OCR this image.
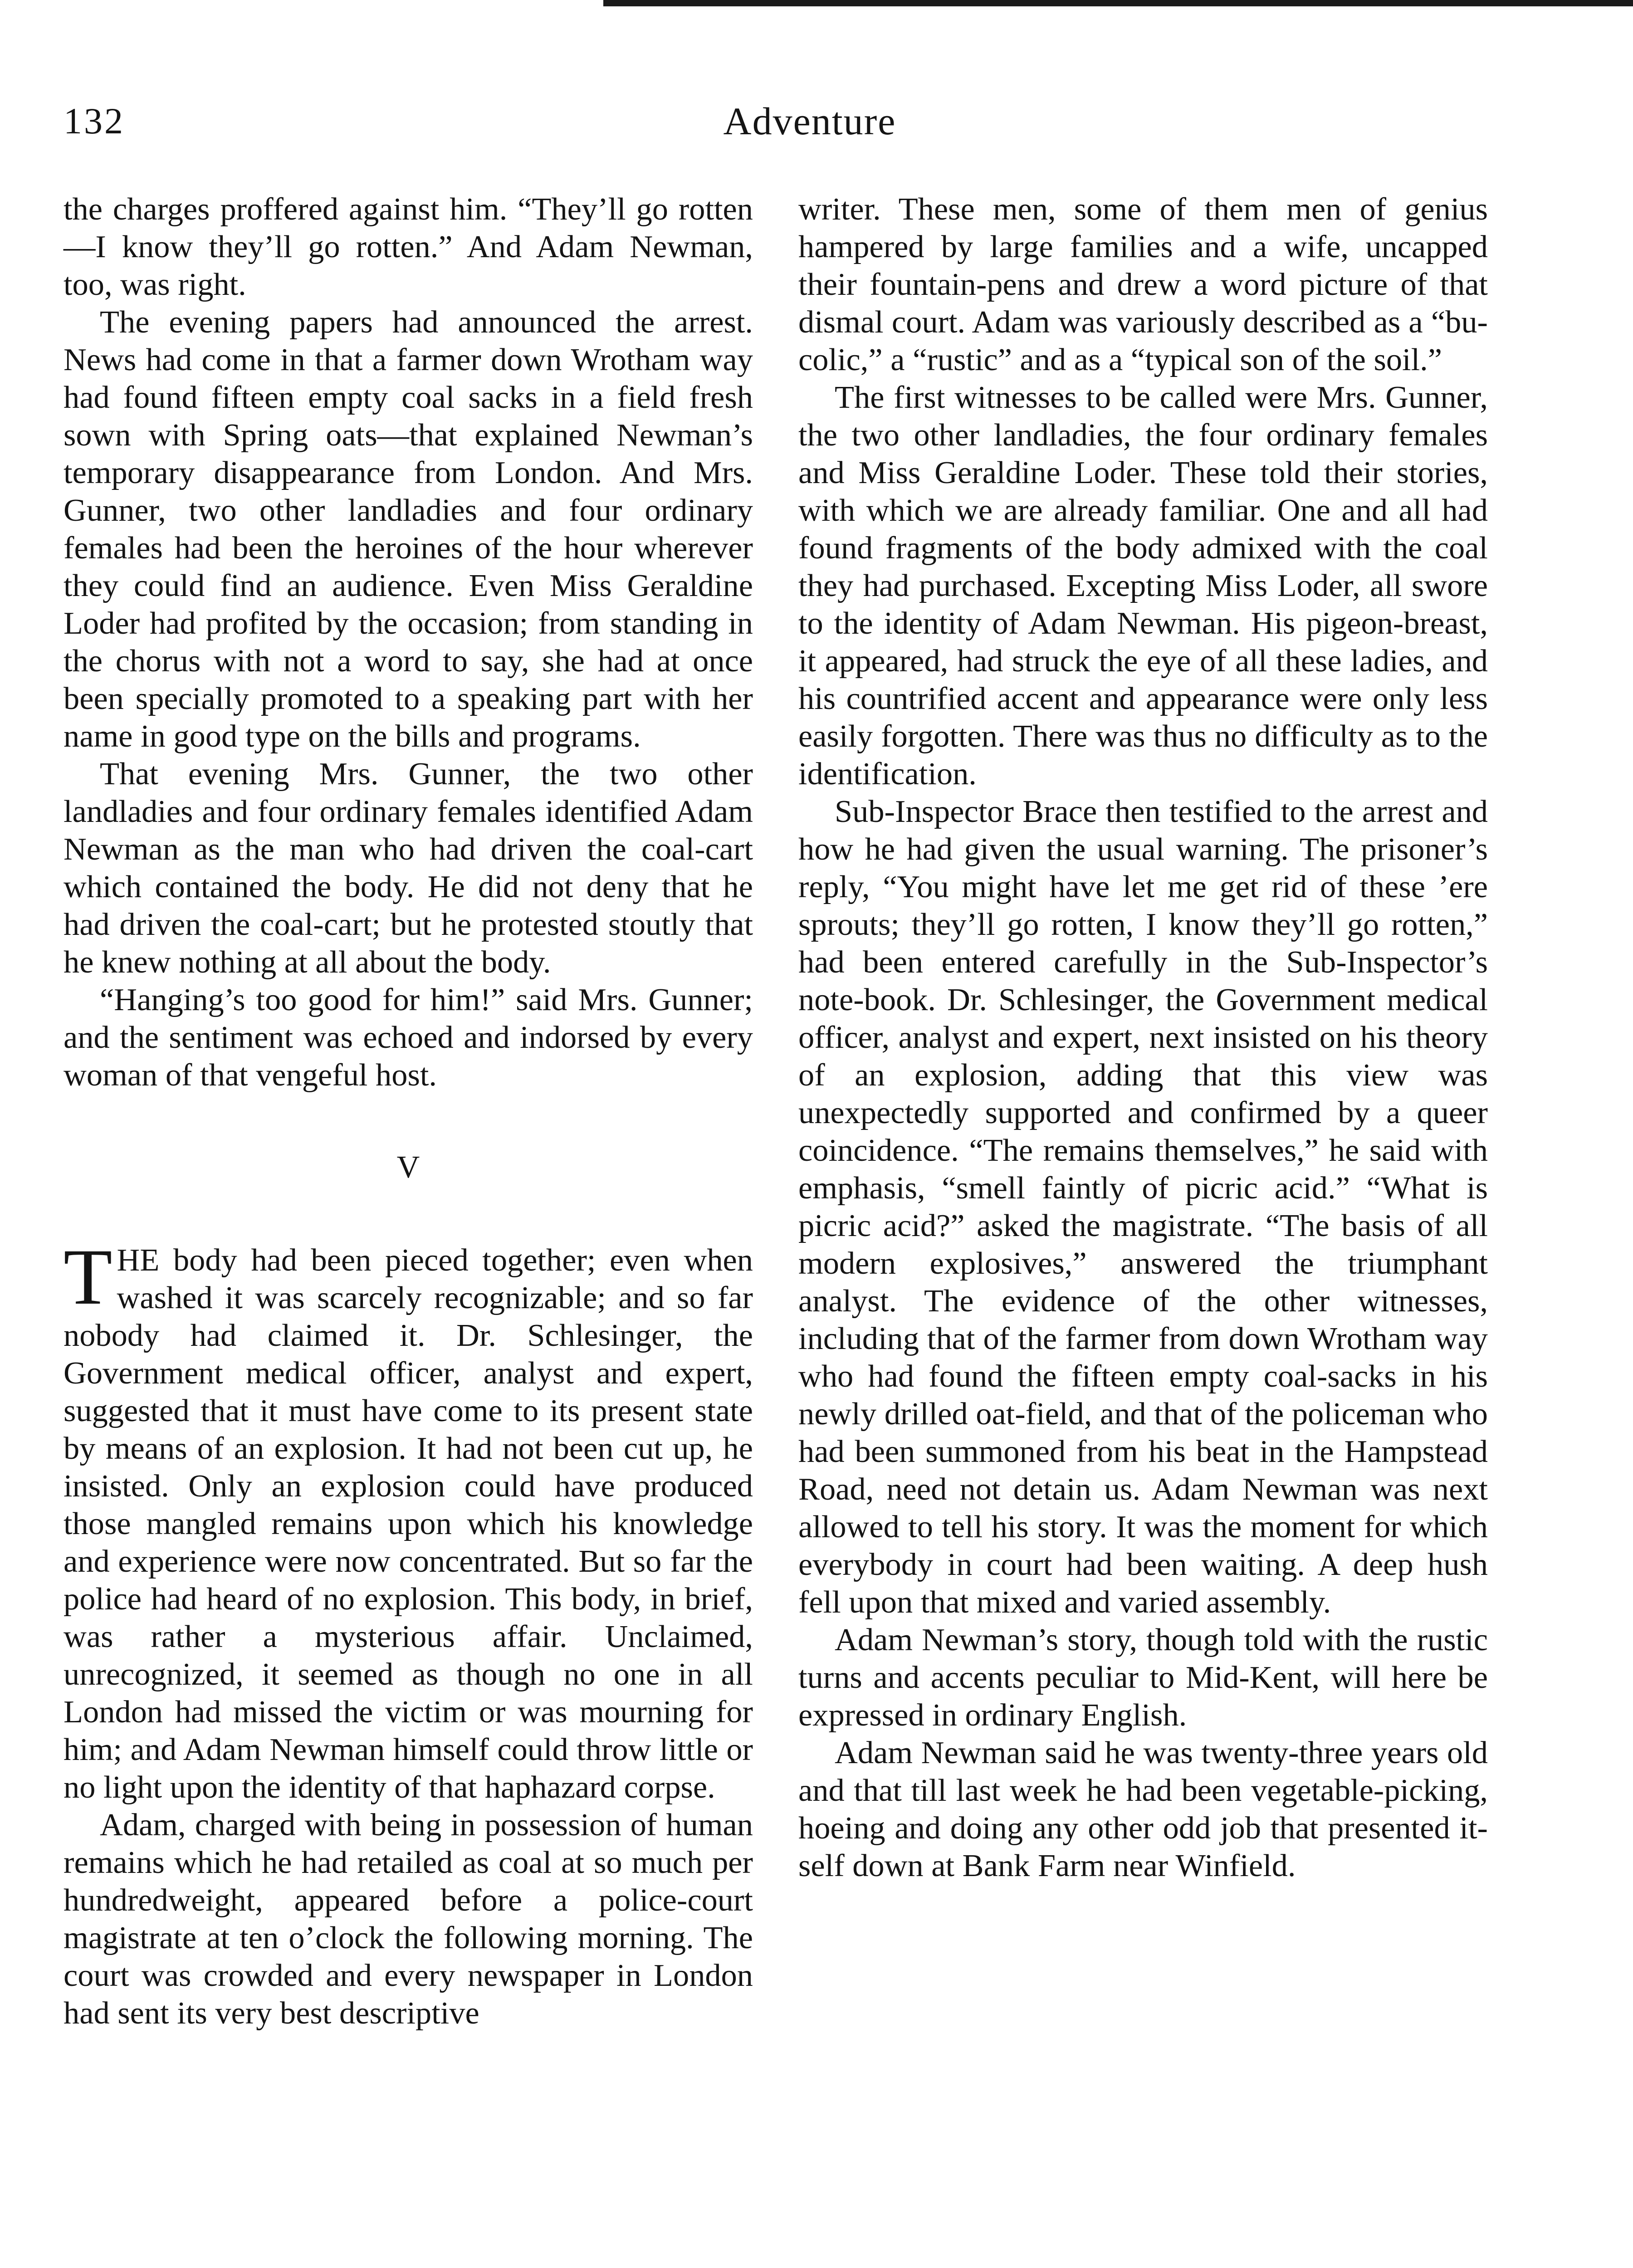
132	Adventure

the charges proffered against him. “They’ll go rotten—I know they’ll go rotten.” And Adam Newman, too, was right.

The evening papers had announced the arrest. News had come in that a farmer down Wrotham way had found fifteen empty coal sacks in a field fresh sown with Spring oats—that explained Newman’s temporary disappearance from London. And Mrs. Gunner, two other landladies and four ordinary females had been the heroines of the hour wherever they could find an audience. Even Miss Geraldine Loder had profited by the occasion; from standing in the chorus with not a word to say, she had at once been specially promoted to a speaking part with her name in good type on the bills and programs.

That evening Mrs. Gunner, the two other landladies and four ordinary females identified Adam Newman as the man who had driven the coal-cart which contained the body. He did not deny that he had driven the coal-cart; but he protested stoutly that he knew nothing at all about the body.

“Hanging’s too good for him!” said Mrs. Gunner; and the sentiment was echoed and indorsed by every woman of that vengeful host.

V

THE body had been pieced together; even when washed it was scarcely recognizable; and so far nobody had claimed it. Dr. Schlesinger, the Government medical officer, analyst and expert, suggested that it must have come to its present state by means of an explosion. It had not been cut up, he insisted. Only an explosion could have produced those mangled remains upon which his knowledge and experience were now concentrated. But so far the police had heard of no explosion. This body, in brief, was rather a mysterious affair. Unclaimed, unrecognized, it seemed as though no one in all London had missed the victim or was mourning for him; and Adam Newman himself could throw little or no light upon the identity of that haphazard corpse.

Adam, charged with being in possession of human remains which he had retailed as coal at so much per hundredweight, appeared before a police-court magistrate at ten o’clock the following morning. The court was crowded and every newspaper in London had sent its very best descriptive

writer. These men, some of them men of genius hampered by large families and a wife, uncapped their fountain-pens and drew a word picture of that dismal court. Adam was variously described as a “bucolic,” a “rustic” and as a “typical son of the soil.”

The first witnesses to be called were Mrs. Gunner, the two other landladies, the four ordinary females and Miss Geraldine Loder. These told their stories, with which we are already familiar. One and all had found fragments of the body admixed with the coal they had purchased. Excepting Miss Loder, all swore to the identity of Adam Newman. His pigeon-breast, it appeared, had struck the eye of all these ladies, and his countrified accent and appearance were only less easily forgotten. There was thus no difficulty as to the identification.

Sub-Inspector Brace then testified to the arrest and how he had given the usual warning. The prisoner’s reply, “You might have let me get rid of these ’ere sprouts; they’ll go rotten, I know they’ll go rotten,” had been entered carefully in the Sub-Inspector’s note-book. Dr. Schlesinger, the Government medical officer, analyst and expert, next insisted on his theory of an explosion, adding that this view was unexpectedly supported and confirmed by a queer coincidence. “The remains themselves,” he said with emphasis, “smell faintly of picric acid.” “What is picric acid?” asked the magistrate. “The basis of all modern explosives,” answered the triumphant analyst. The evidence of the other witnesses, including that of the farmer from down Wrotham way who had found the fifteen empty coal-sacks in his newly drilled oat-field, and that of the policeman who had been summoned from his beat in the Hampstead Road, need not detain us. Adam Newman was next allowed to tell his story. It was the moment for which everybody in court had been waiting. A deep hush fell upon that mixed and varied assembly.

Adam Newman’s story, though told with the rustic turns and accents peculiar to Mid-Kent, will here be expressed in ordinary English.

Adam Newman said he was twenty-three years old and that till last week he had been vegetable-picking, hoeing and doing any other odd job that presented itself down at Bank Farm near Winfield.
